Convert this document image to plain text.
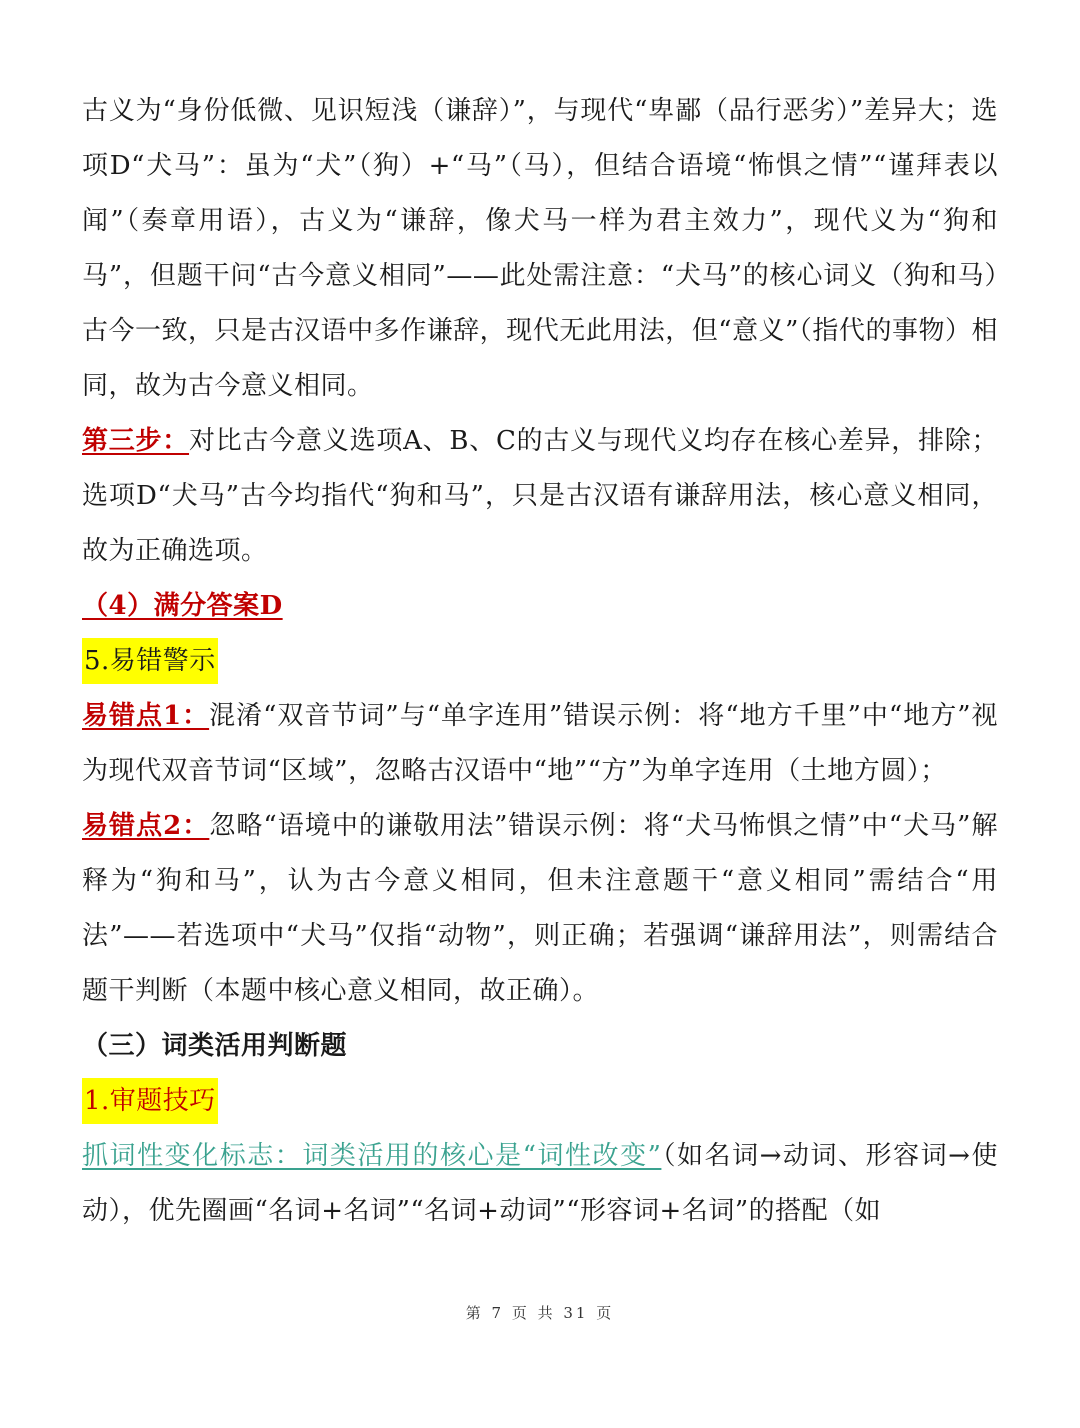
古义为“身份低微、见识短浅（谦辞）”，与现代“卑鄙（品行恶劣）”差异大；选项D“犬马”：虽为“犬”（狗）+“马”（马），但结合语境“怖惧之情”“谨拜表以闻”（奏章用语），古义为“谦辞，像犬马一样为君主效力”，现代义为“狗和马”，但题干问“古今意义相同”——此处需注意：“犬马”的核心词义（狗和马）古今一致，只是古汉语中多作谦辞，现代无此用法，但“意义”（指代的事物）相同，故为古今意义相同。

第三步：对比古今意义选项A、B、C的古义与现代义均存在核心差异，排除；选项D“犬马”古今均指代“狗和马”，只是古汉语有谦辞用法，核心意义相同，故为正确选项。

（4）满分答案D

5.易错警示

易错点1：混淆“双音节词”与“单字连用”错误示例：将“地方千里”中“地方”视为现代双音节词“区域”，忽略古汉语中“地”“方”为单字连用（土地方圆）；

易错点2：忽略“语境中的谦敬用法”错误示例：将“犬马怖惧之情”中“犬马”解释为“狗和马”，认为古今意义相同，但未注意题干“意义相同”需结合“用法”——若选项中“犬马”仅指“动物”，则正确；若强调“谦辞用法”，则需结合题干判断（本题中核心意义相同，故正确）。

（三）词类活用判断题

1.审题技巧

抓词性变化标志：词类活用的核心是“词性改变”（如名词→动词、形容词→使动），优先圈画“名词+名词”“名词+动词”“形容词+名词”的搭配（如

第 7 页 共 31 页
